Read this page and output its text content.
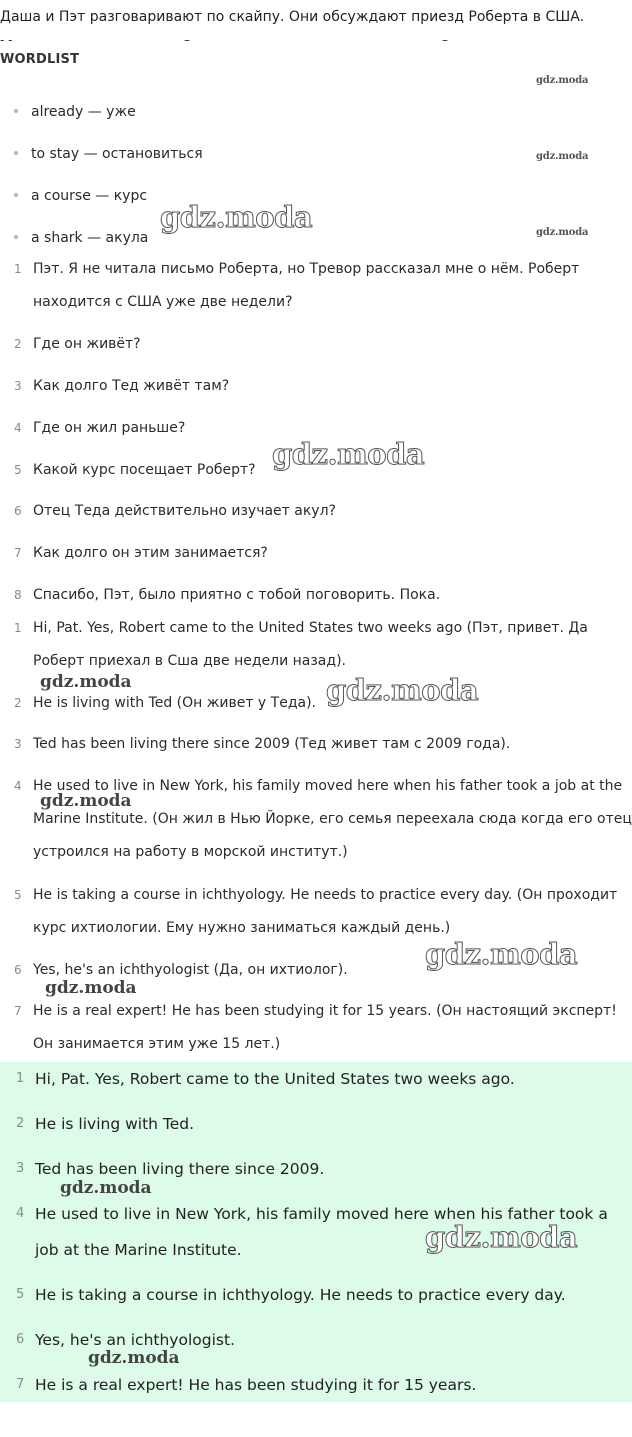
Даша и Пэт разговаривают по скайпу. Они обсуждают приезд Роберта в США.
- -	–	–
WORDLIST
already — уже
to stay — остановиться
a course — курс
a shark — акула
1 Пэт. Я не читала письмо Роберта, но Тревор рассказал мне о нём. Роберт находится с США уже две недели?
2 Где он живёт?
3 Как долго Тед живёт там?
4 Где он жил раньше?
5 Какой курс посещает Роберт?
6 Отец Теда действительно изучает акул?
7 Как долго он этим занимается?
8 Спасибо, Пэт, было приятно с тобой поговорить. Пока.
1 Hi, Pat. Yes, Robert came to the United States two weeks ago (Пэт, привет. Да Роберт приехал в Сша две недели назад).
2 He is living with Ted (Он живет у Теда).
3 Ted has been living there since 2009 (Тед живет там с 2009 года).
4 He used to live in New York, his family moved here when his father took a job at the Marine Institute. (Он жил в Нью Йорке, его семья переехала сюда когда его отец устроился на работу в морской институт.)
5 He is taking a course in ichthyology. He needs to practice every day. (Он проходит курс ихтиологии. Ему нужно заниматься каждый день.)
6 Yes, he's an ichthyologist (Да, он ихтиолог).
7 He is a real expert! He has been studying it for 15 years. (Он настоящий эксперт! Он занимается этим уже 15 лет.)
1 Hi, Pat. Yes, Robert came to the United States two weeks ago.
2 He is living with Ted.
3 Ted has been living there since 2009.
4 He used to live in New York, his family moved here when his father took a job at the Marine Institute.
5 He is taking a course in ichthyology. He needs to practice every day.
6 Yes, he's an ichthyologist.
7 He is a real expert! He has been studying it for 15 years.
gdz.moda
gdz.moda
gdz.moda
gdz.moda
gdz.moda
gdz.moda	gdz.moda
gdz.moda
gdz.moda
gdz.moda
gdz.moda
gdz.moda
gdz.moda
